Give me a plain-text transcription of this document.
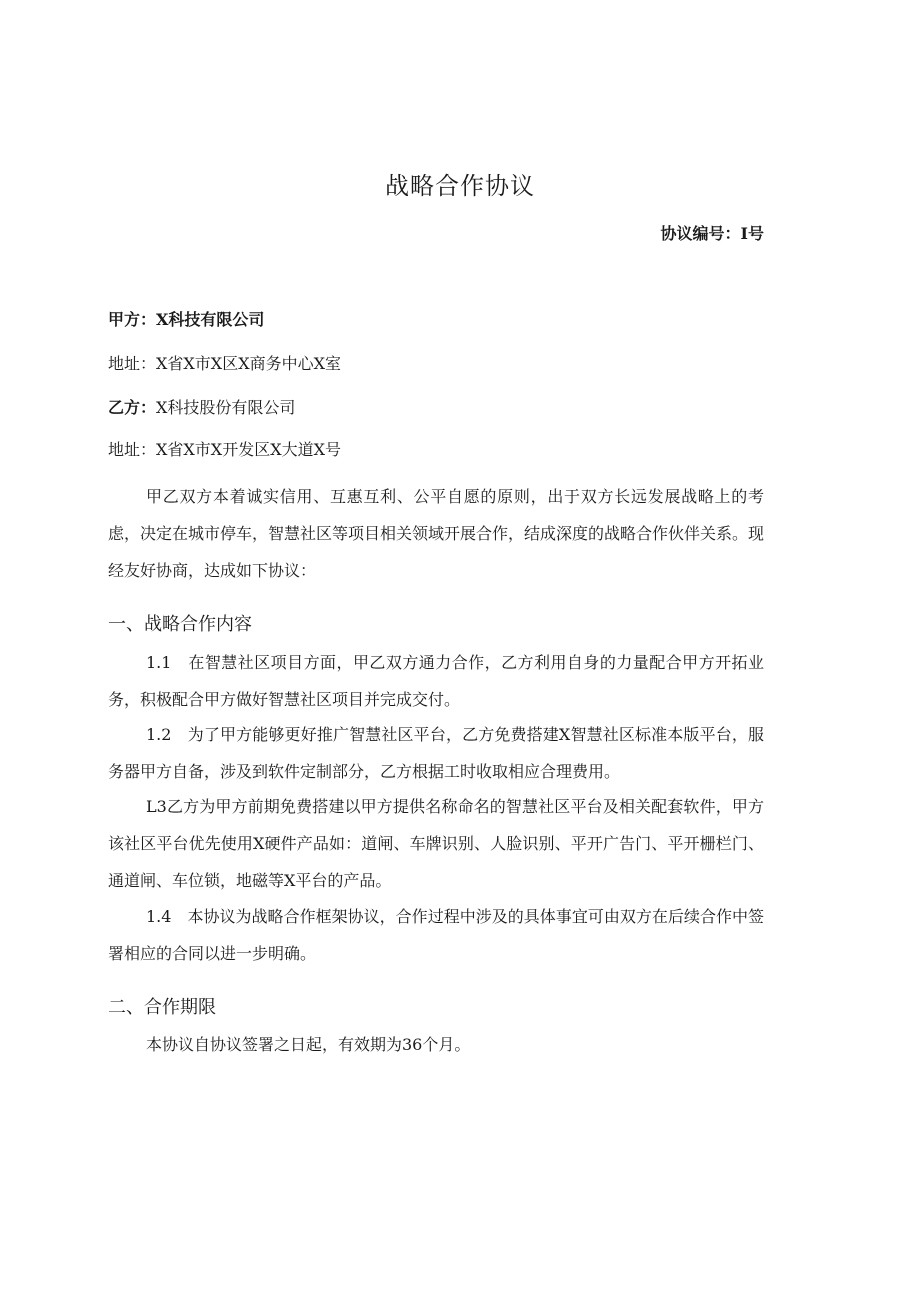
战略合作协议
协议编号：I号
甲方：X科技有限公司
地址：X省X市X区X商务中心X室
乙方：X科技股份有限公司
地址：X省X市X开发区X大道X号

甲乙双方本着诚实信用、互惠互利、公平自愿的原则，出于双方长远发展战略上的考虑，决定在城市停车，智慧社区等项目相关领域开展合作，结成深度的战略合作伙伴关系。现经友好协商，达成如下协议：

一、战略合作内容

1.1　在智慧社区项目方面，甲乙双方通力合作，乙方利用自身的力量配合甲方开拓业务，积极配合甲方做好智慧社区项目并完成交付。

1.2　为了甲方能够更好推广智慧社区平台，乙方免费搭建X智慧社区标准本版平台，服务器甲方自备，涉及到软件定制部分，乙方根据工时收取相应合理费用。

L3乙方为甲方前期免费搭建以甲方提供名称命名的智慧社区平台及相关配套软件，甲方该社区平台优先使用X硬件产品如：道闸、车牌识别、人脸识别、平开广告门、平开栅栏门、通道闸、车位锁，地磁等X平台的产品。

1.4　本协议为战略合作框架协议，合作过程中涉及的具体事宜可由双方在后续合作中签署相应的合同以进一步明确。

二、合作期限

本协议自协议签署之日起，有效期为36个月。
